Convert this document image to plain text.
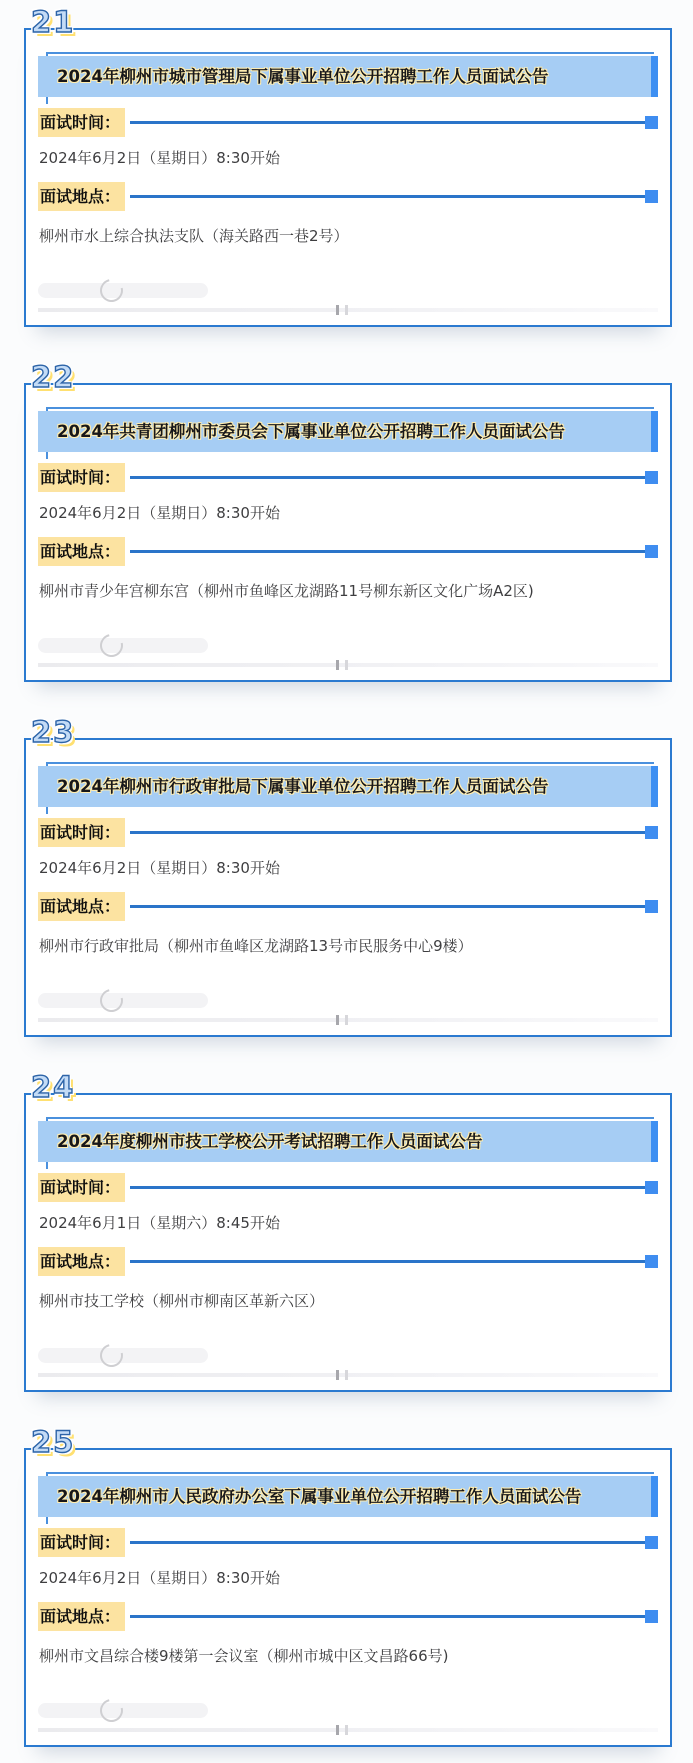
21
2024年柳州市城市管理局下属事业单位公开招聘工作人员面试公告
面试时间：

2024年6月2日（星期日）8:30开始

面试地点：

柳州市水上综合执法支队（海关路西一巷2号）

22
2024年共青团柳州市委员会下属事业单位公开招聘工作人员面试公告
面试时间：

2024年6月2日（星期日）8:30开始

面试地点：

柳州市青少年宫柳东宫（柳州市鱼峰区龙湖路11号柳东新区文化广场A2区)

23
2024年柳州市行政审批局下属事业单位公开招聘工作人员面试公告
面试时间：

2024年6月2日（星期日）8:30开始

面试地点：

柳州市行政审批局（柳州市鱼峰区龙湖路13号市民服务中心9楼）

24
2024年度柳州市技工学校公开考试招聘工作人员面试公告
面试时间：

2024年6月1日（星期六）8:45开始

面试地点：

柳州市技工学校（柳州市柳南区革新六区）

25
2024年柳州市人民政府办公室下属事业单位公开招聘工作人员面试公告
面试时间：

2024年6月2日（星期日）8:30开始

面试地点：

柳州市文昌综合楼9楼第一会议室（柳州市城中区文昌路66号)
